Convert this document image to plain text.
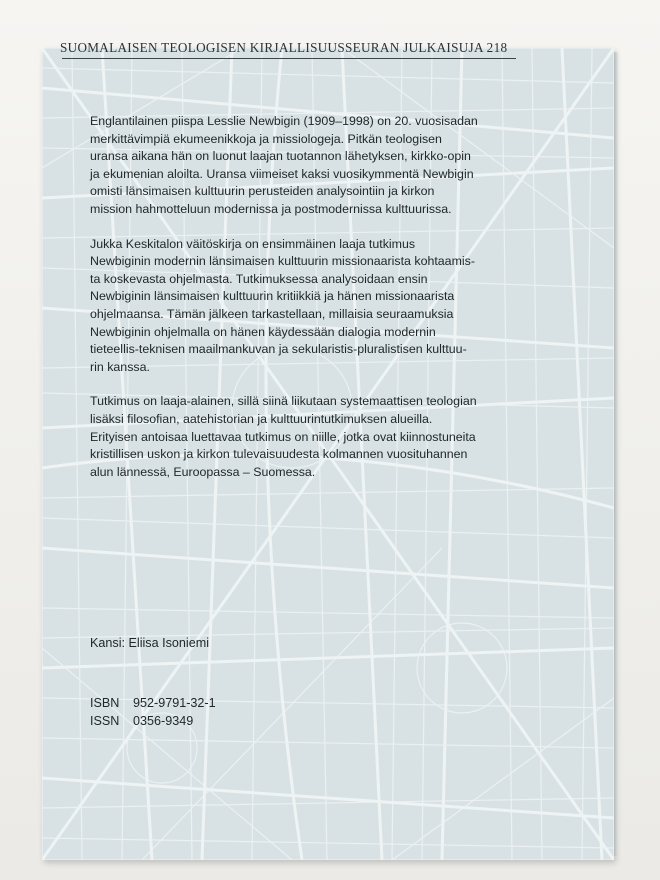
SUOMALAISEN TEOLOGISEN KIRJALLISUUSSEURAN JULKAISUJA 218

Englantilainen piispa Lesslie Newbigin (1909–1998) on 20. vuosisadan
merkittävimpiä ekumeenikkoja ja missiologeja. Pitkän teologisen
uransa aikana hän on luonut laajan tuotannon lähetyksen, kirkko-opin
ja ekumenian aloilta. Uransa viimeiset kaksi vuosikymmentä Newbigin
omisti länsimaisen kulttuurin perusteiden analysointiin ja kirkon
mission hahmotteluun modernissa ja postmodernissa kulttuurissa.

Jukka Keskitalon väitöskirja on ensimmäinen laaja tutkimus
Newbiginin modernin länsimaisen kulttuurin missionaarista kohtaamis-
ta koskevasta ohjelmasta. Tutkimuksessa analysoidaan ensin
Newbiginin länsimaisen kulttuurin kritiikkiä ja hänen missionaarista
ohjelmaansa. Tämän jälkeen tarkastellaan, millaisia seuraamuksia
Newbiginin ohjelmalla on hänen käydessään dialogia modernin
tieteellis-teknisen maailmankuvan ja sekularistis-pluralistisen kulttuu-
rin kanssa.

Tutkimus on laaja-alainen, sillä siinä liikutaan systemaattisen teologian
lisäksi filosofian, aatehistorian ja kulttuurintutkimuksen alueilla.
Erityisen antoisaa luettavaa tutkimus on niille, jotka ovat kiinnostuneita
kristillisen uskon ja kirkon tulevaisuudesta kolmannen vuosituhannen
alun lännessä, Euroopassa – Suomessa.

Kansi: Eliisa Isoniemi
ISBN	952-9791-32-1
ISSN	0356-9349
